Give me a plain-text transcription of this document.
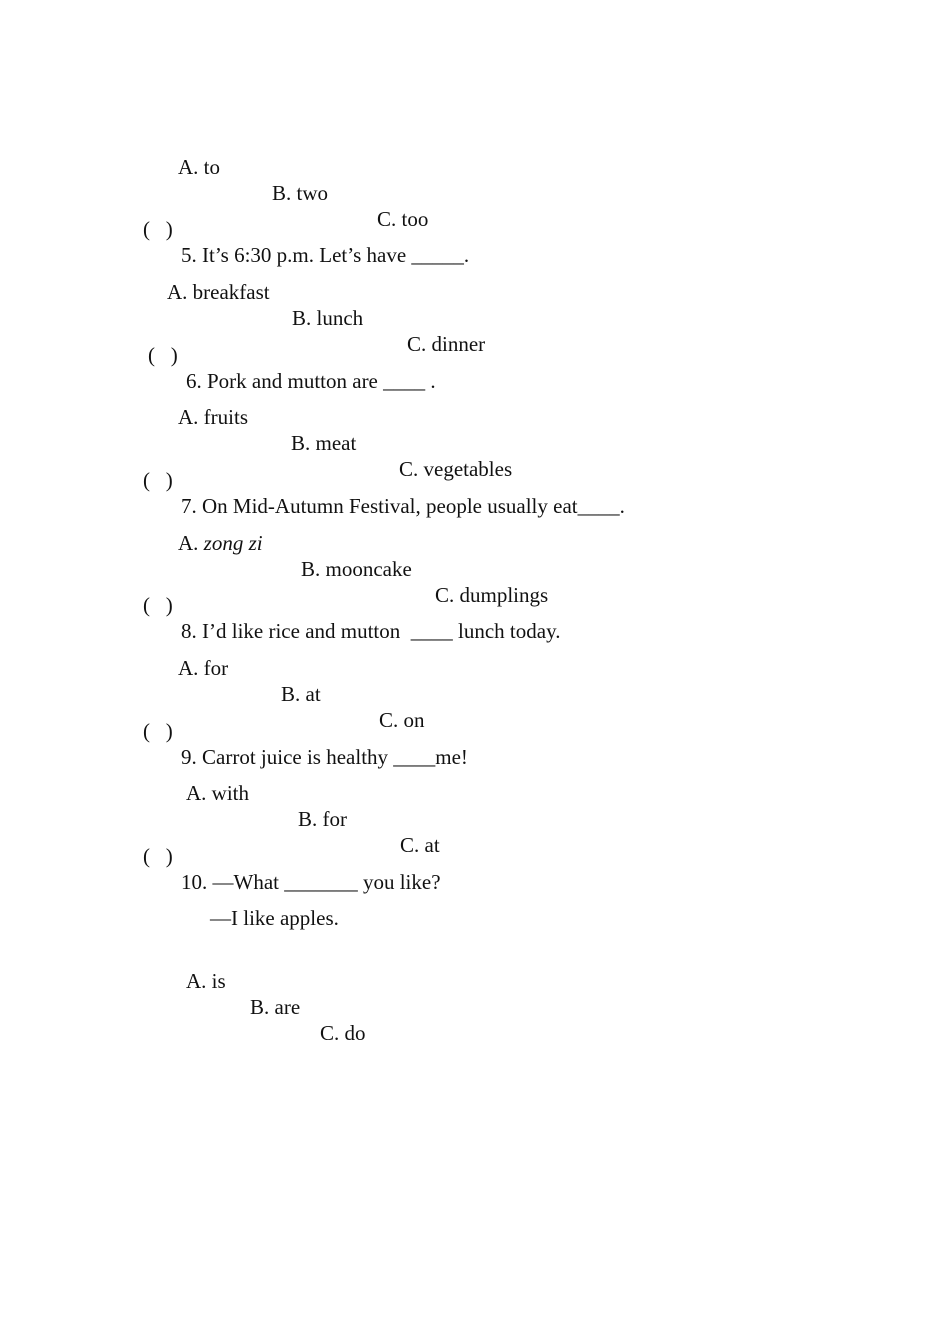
A. to

B. two

C. too

(   )

5. It’s 6:30 p.m. Let’s have _____.

A. breakfast

B. lunch

C. dinner

(   )

6. Pork and mutton are ____ .

A. fruits

B. meat

C. vegetables

(   )

7. On Mid-Autumn Festival, people usually eat____.

A. zong zi

B. mooncake

C. dumplings

(   )

8. I’d like rice and mutton  ____ lunch today.

A. for

B. at

C. on

(   )

9. Carrot juice is healthy ____me!

A. with

B. for

C. at

(   )

10. —What _______ you like?

—I like apples.

A. is

B. are

C. do
